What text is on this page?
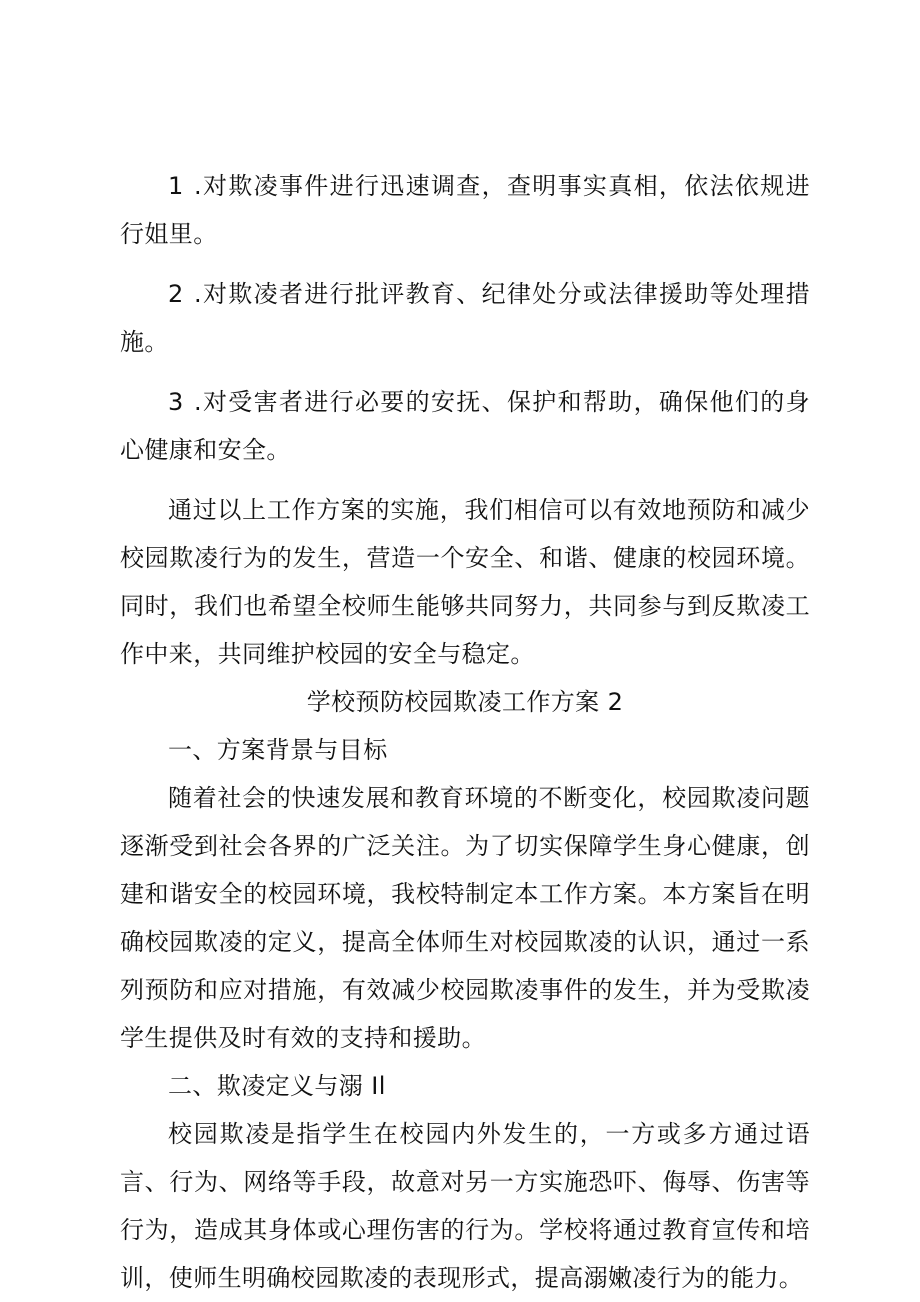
1 .对欺凌事件进行迅速调查，查明事实真相，依法依规进行姐里。

2 .对欺凌者进行批评教育、纪律处分或法律援助等处理措施。

3 .对受害者进行必要的安抚、保护和帮助，确保他们的身心健康和安全。

通过以上工作方案的实施，我们相信可以有效地预防和减少校园欺凌行为的发生，营造一个安全、和谐、健康的校园环境。同时，我们也希望全校师生能够共同努力，共同参与到反欺凌工作中来，共同维护校园的安全与稳定。

学校预防校园欺凌工作方案 2

一、方案背景与目标

随着社会的快速发展和教育环境的不断变化，校园欺凌问题逐渐受到社会各界的广泛关注。为了切实保障学生身心健康，创建和谐安全的校园环境，我校特制定本工作方案。本方案旨在明确校园欺凌的定义，提高全体师生对校园欺凌的认识，通过一系列预防和应对措施，有效减少校园欺凌事件的发生，并为受欺凌学生提供及时有效的支持和援助。

二、欺凌定义与溺 Il

校园欺凌是指学生在校园内外发生的，一方或多方通过语言、行为、网络等手段，故意对另一方实施恐吓、侮辱、伤害等行为，造成其身体或心理伤害的行为。学校将通过教育宣传和培训，使师生明确校园欺凌的表现形式，提高溺嫩凌行为的能力。
